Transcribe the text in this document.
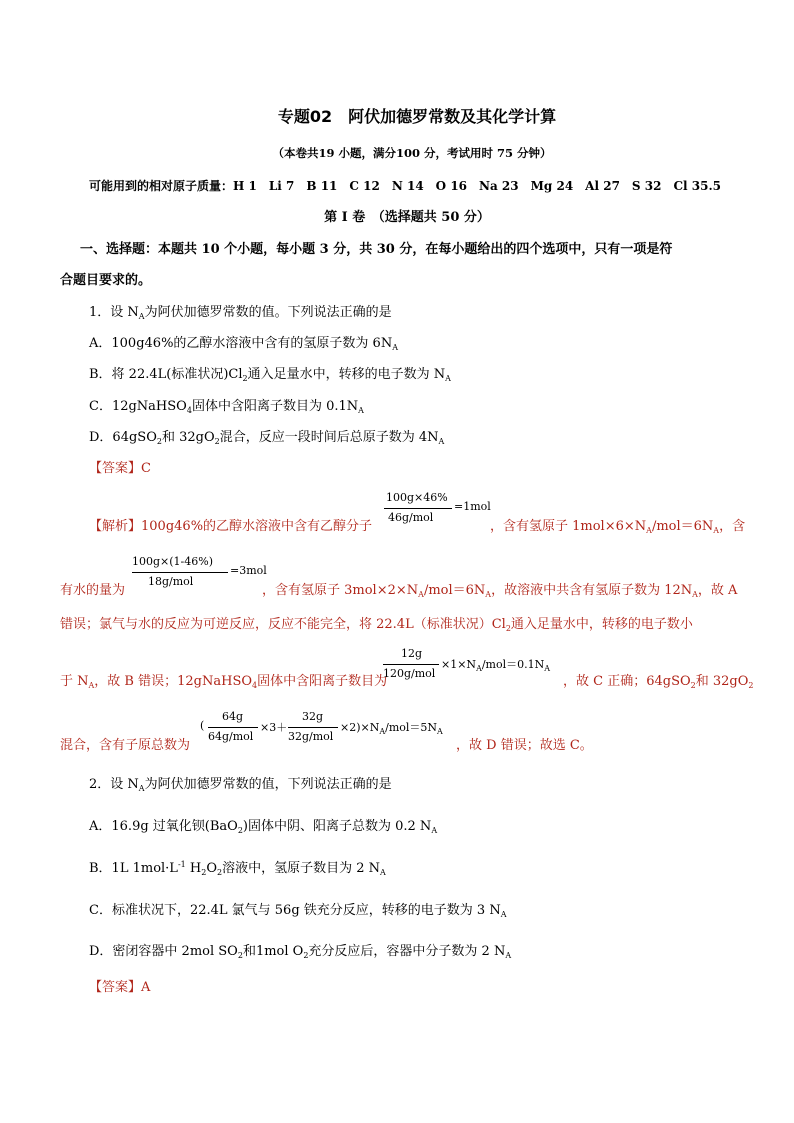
专题02　阿伏加德罗常数及其化学计算
（本卷共19 小题，满分100 分，考试用时 75 分钟）
可能用到的相对原子质量：H 1　Li 7　B 11　C 12　N 14　O 16　Na 23　Mg 24　Al 27　S 32　Cl 35.5
第 I 卷　（选择题共 50 分）
一、选择题：本题共 10 个小题，每小题 3 分，共 30 分，在每小题给出的四个选项中，只有一项是符
合题目要求的。
1．设 $N_A$为阿伏加德罗常数的值。下列说法正确的是
A．100g46%的乙醇水溶液中含有的氢原子数为 $6N_A$
B．将 22.4L(标准状况)$Cl_2$通入足量水中，转移的电子数为 $N_A$
C．12gNaHSO$_4$固体中含阳离子数目为 $0.1N_A$
D．64gSO$_2$和 $32gO_2$混合，反应一段时间后总原子数为 $4N_A$
【答案】C
【解析】100g46%的乙醇水溶液中含有乙醇分子
100g×46%
46g/mol
=1mol
，含有氢原子 $1mol\times 6\times N_A/mol=6N_A$，含
有水的量为
100g×(1-46%)
18g/mol
=3mol
，含有氢原子 $3mol\times 2\times N_A/mol=6N_A$，故溶液中共含有氢原子数为 $12N_A$，故 A
错误；氯气与水的反应为可逆反应，反应不能完全，将 22.4L（标准状况）$Cl_2$通入足量水中，转移的电子数小
于 $N_A$，故 B 错误；12gNaHSO$_4$固体中含阳离子数目为
12g
120g/mol
$\times 1\times N_A/mol=0.1N_A$
，故 C 正确；64gSO$_2$和 $32gO_2$
混合，含有子原总数为
(
64g
64g/mol
×3＋
32g
32g/mol
$\times 2)\times N_A/mol=5N_A$
，故 D 错误；故选 C。
2．设 $N_A$为阿伏加德罗常数的值，下列说法正确的是
A．16.9g 过氧化钡(BaO$_2$)固体中阴、阳离子总数为 0.2 $N_A$
B．1L $1mol\cdot L^{-1}$ $H_2O_2$溶液中，氢原子数目为 2 $N_A$
C．标准状况下，22.4L 氯气与 56g 铁充分反应，转移的电子数为 3 $N_A$
D．密闭容器中 2mol $SO_2$和1mol $O_2$充分反应后，容器中分子数为 2 $N_A$
【答案】A
